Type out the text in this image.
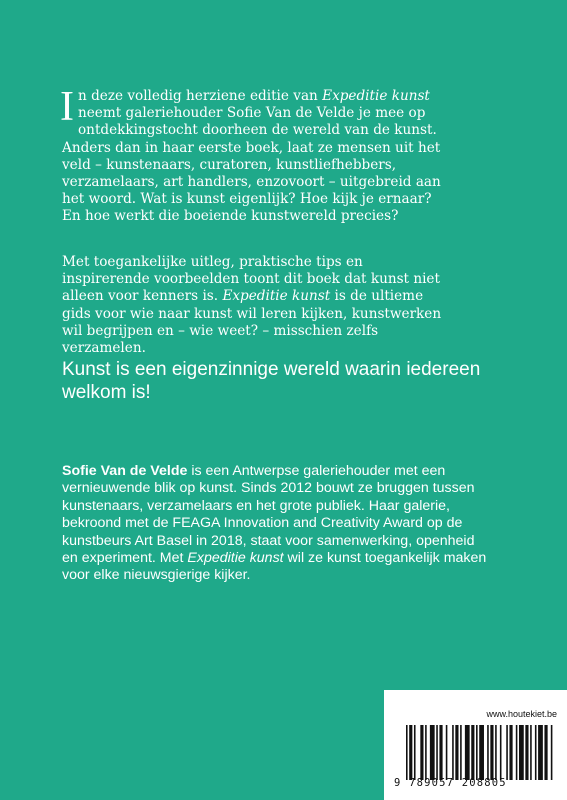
In deze volledig herziene editie van Expeditie kunst neemt galeriehouder Sofie Van de Velde je mee op ontdekkingstocht doorheen de wereld van de kunst. Anders dan in haar eerste boek, laat ze mensen uit het veld – kunstenaars, curatoren, kunstliefhebbers, verzamelaars, art handlers, enzovoort – uitgebreid aan het woord. Wat is kunst eigenlijk? Hoe kijk je ernaar? En hoe werkt die boeiende kunstwereld precies?

Met toegankelijke uitleg, praktische tips en inspirerende voorbeelden toont dit boek dat kunst niet alleen voor kenners is. Expeditie kunst is de ultieme gids voor wie naar kunst wil leren kijken, kunstwerken wil begrijpen en – wie weet? – misschien zelfs verzamelen.

Kunst is een eigenzinnige wereld waarin iedereen welkom is!

Sofie Van de Velde is een Antwerpse galeriehouder met een vernieuwende blik op kunst. Sinds 2012 bouwt ze bruggen tussen kunstenaars, verzamelaars en het grote publiek. Haar galerie, bekroond met de FEAGA Innovation and Creativity Award op de kunstbeurs Art Basel in 2018, staat voor samenwerking, openheid en experiment. Met Expeditie kunst wil ze kunst toegankelijk maken voor elke nieuwsgierige kijker.

www.houtekiet.be
9 789057 208805
